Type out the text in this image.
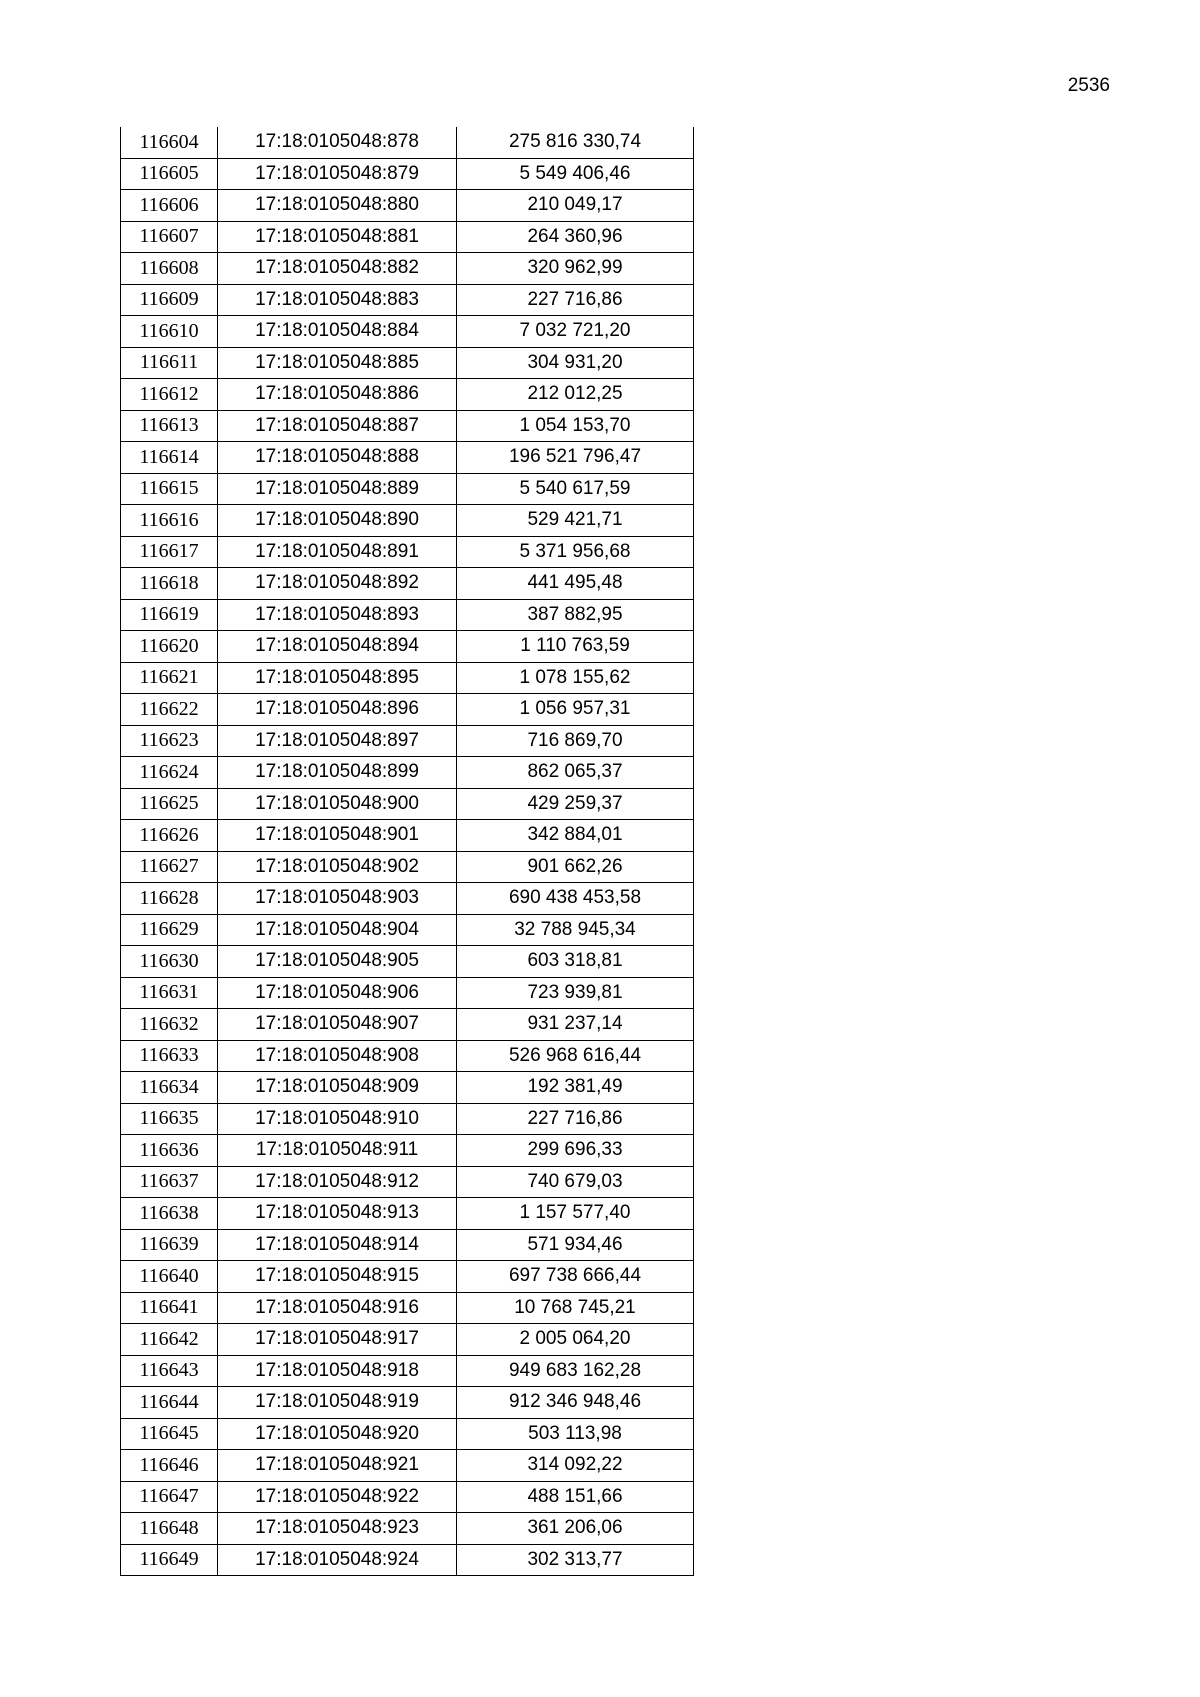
2536
116604	17:18:0105048:878	275 816 330,74
116605	17:18:0105048:879	5 549 406,46
116606	17:18:0105048:880	210 049,17
116607	17:18:0105048:881	264 360,96
116608	17:18:0105048:882	320 962,99
116609	17:18:0105048:883	227 716,86
116610	17:18:0105048:884	7 032 721,20
116611	17:18:0105048:885	304 931,20
116612	17:18:0105048:886	212 012,25
116613	17:18:0105048:887	1 054 153,70
116614	17:18:0105048:888	196 521 796,47
116615	17:18:0105048:889	5 540 617,59
116616	17:18:0105048:890	529 421,71
116617	17:18:0105048:891	5 371 956,68
116618	17:18:0105048:892	441 495,48
116619	17:18:0105048:893	387 882,95
116620	17:18:0105048:894	1 110 763,59
116621	17:18:0105048:895	1 078 155,62
116622	17:18:0105048:896	1 056 957,31
116623	17:18:0105048:897	716 869,70
116624	17:18:0105048:899	862 065,37
116625	17:18:0105048:900	429 259,37
116626	17:18:0105048:901	342 884,01
116627	17:18:0105048:902	901 662,26
116628	17:18:0105048:903	690 438 453,58
116629	17:18:0105048:904	32 788 945,34
116630	17:18:0105048:905	603 318,81
116631	17:18:0105048:906	723 939,81
116632	17:18:0105048:907	931 237,14
116633	17:18:0105048:908	526 968 616,44
116634	17:18:0105048:909	192 381,49
116635	17:18:0105048:910	227 716,86
116636	17:18:0105048:911	299 696,33
116637	17:18:0105048:912	740 679,03
116638	17:18:0105048:913	1 157 577,40
116639	17:18:0105048:914	571 934,46
116640	17:18:0105048:915	697 738 666,44
116641	17:18:0105048:916	10 768 745,21
116642	17:18:0105048:917	2 005 064,20
116643	17:18:0105048:918	949 683 162,28
116644	17:18:0105048:919	912 346 948,46
116645	17:18:0105048:920	503 113,98
116646	17:18:0105048:921	314 092,22
116647	17:18:0105048:922	488 151,66
116648	17:18:0105048:923	361 206,06
116649	17:18:0105048:924	302 313,77
